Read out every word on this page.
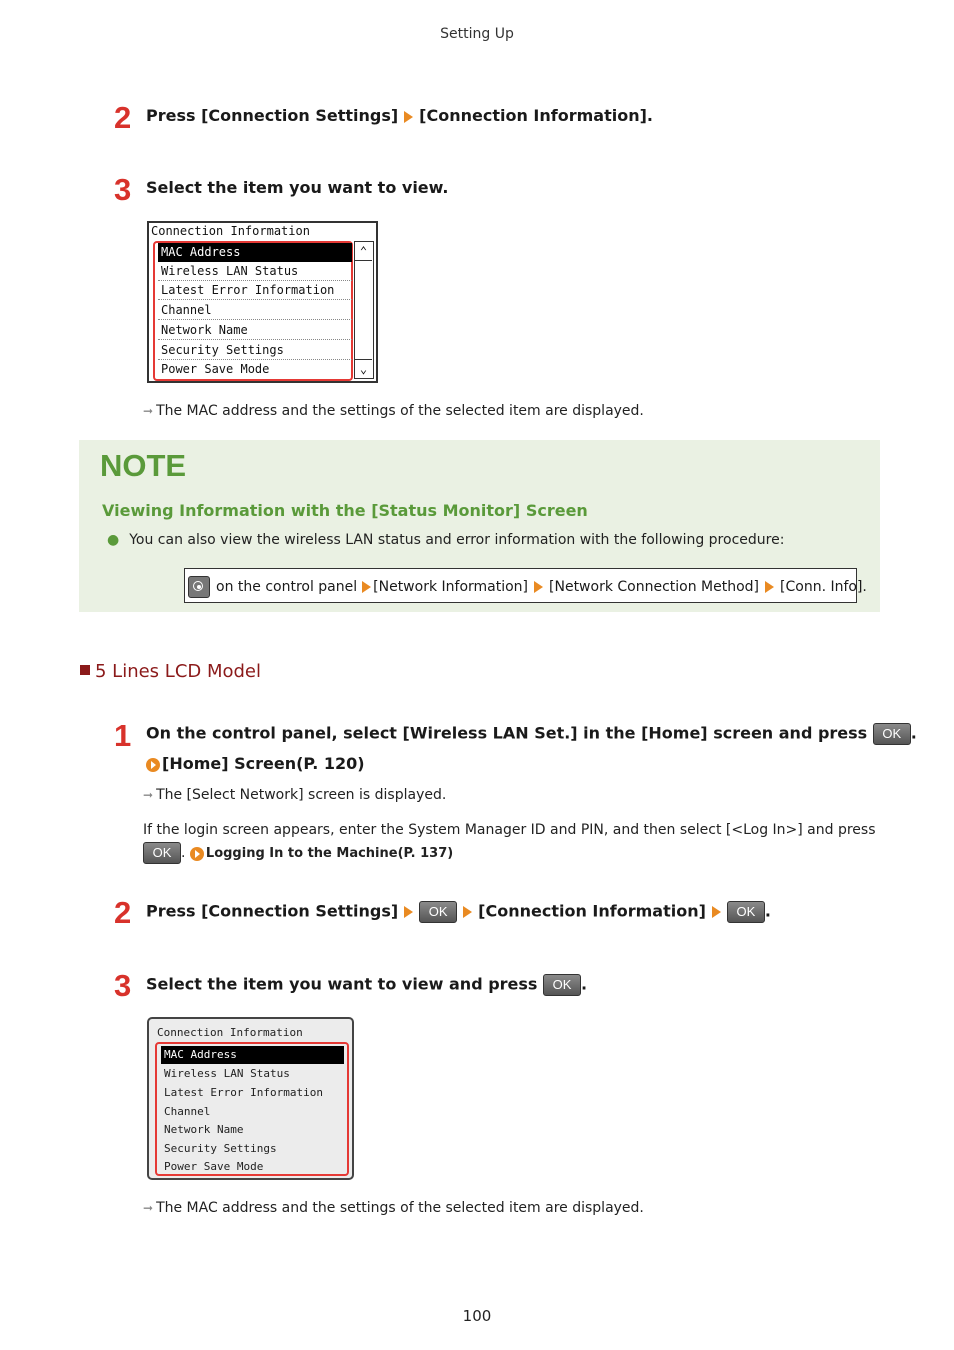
Setting Up
2 Press [Connection Settings] [Connection Information].
3 Select the item you want to view.
Connection Information
MAC Address
Wireless LAN Status
Latest Error Information
Channel
Network Name
Security Settings
Power Save Mode
⌃
⌄
➞ The MAC address and the settings of the selected item are displayed.
NOTE
Viewing Information with the [Status Monitor] Screen
● You can also view the wireless LAN status and error information with the following procedure:
on the control panel [Network Information] [Network Connection Method] [Conn. Info].
5 Lines LCD Model
1 On the control panel, select [Wireless LAN Set.] in the [Home] screen and press OK .
[Home] Screen(P. 120)
➞ The [Select Network] screen is displayed.
If the login screen appears, enter the System Manager ID and PIN, and then select [<Log In>] and press
OK . Logging In to the Machine(P. 137)
2 Press [Connection Settings] OK [Connection Information] OK .
3 Select the item you want to view and press OK .
Connection Information
MAC Address
Wireless LAN Status
Latest Error Information
Channel
Network Name
Security Settings
Power Save Mode
➞ The MAC address and the settings of the selected item are displayed.
100
